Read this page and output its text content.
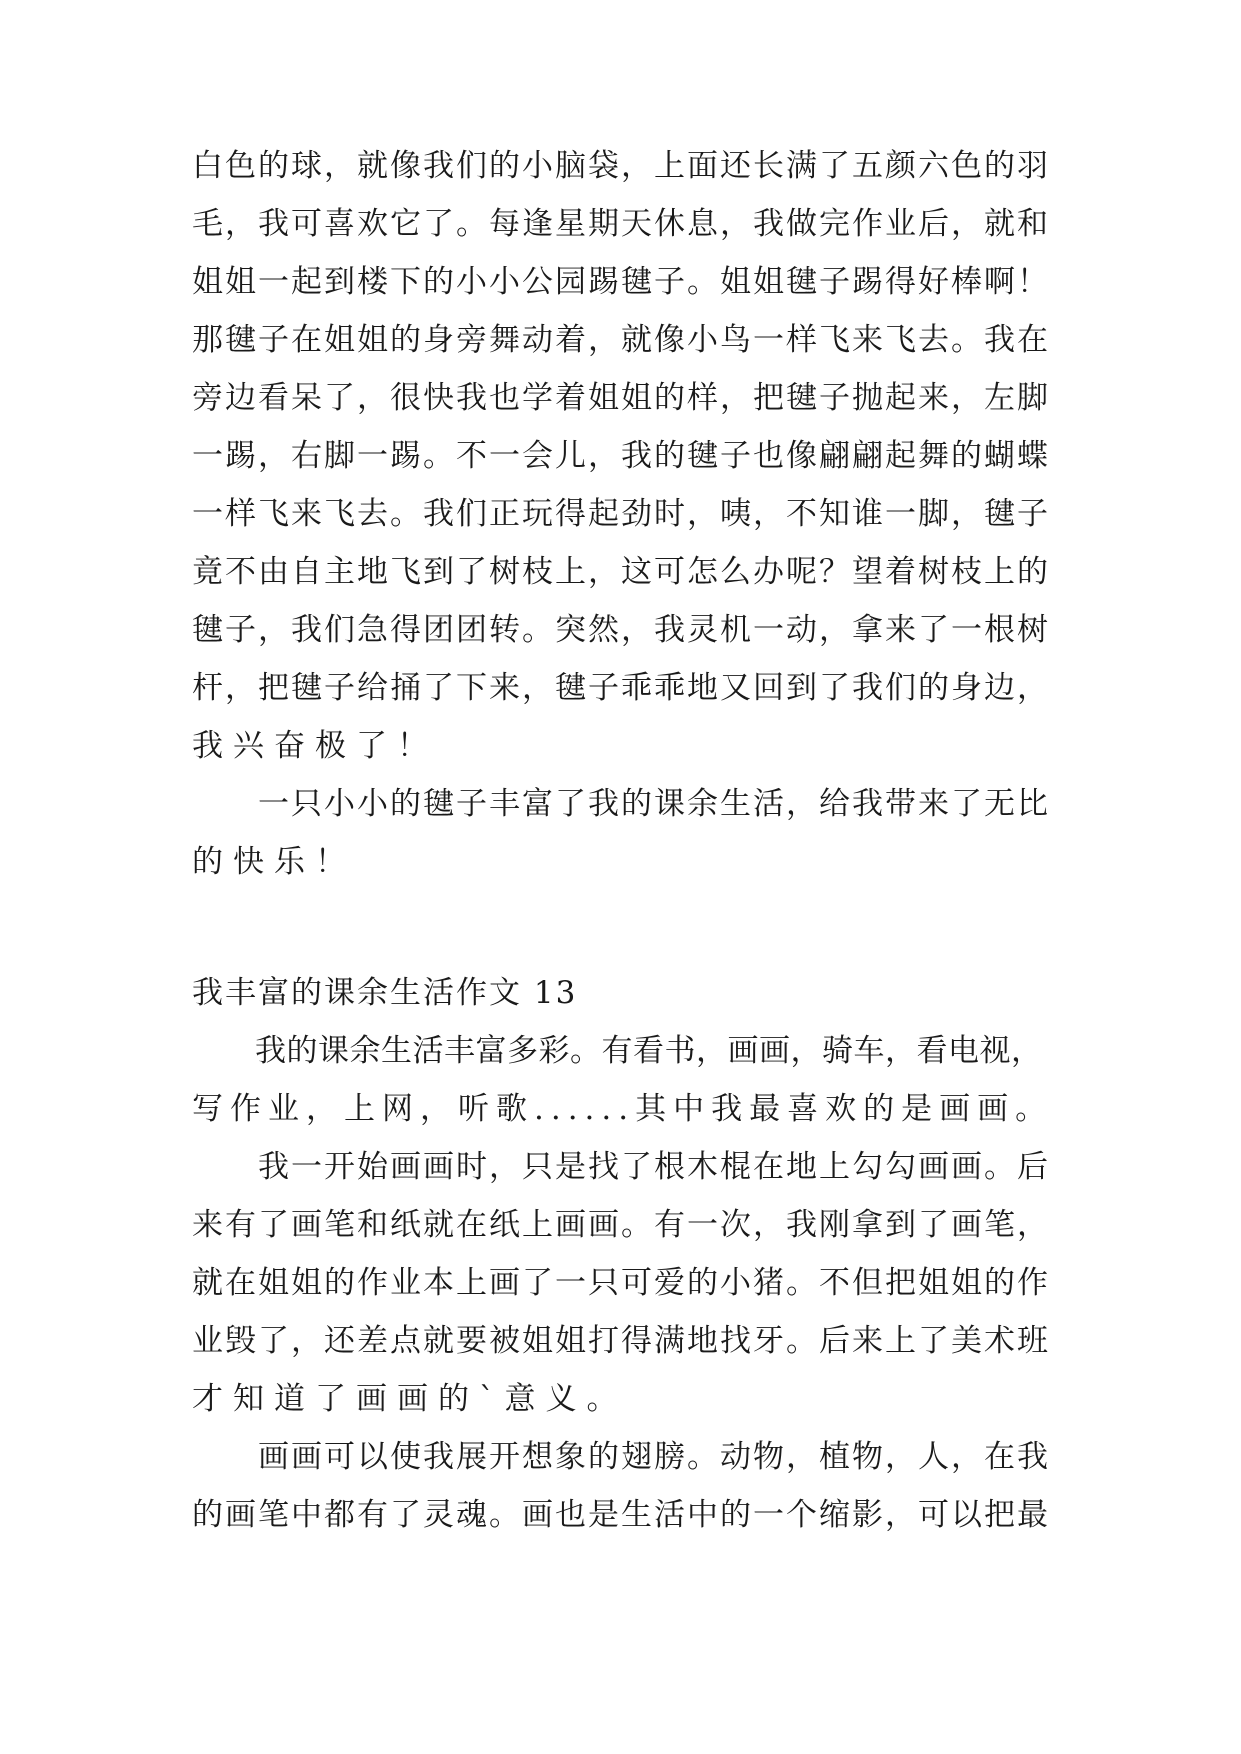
白色的球，就像我们的小脑袋，上面还长满了五颜六色的羽
毛，我可喜欢它了。每逢星期天休息，我做完作业后，就和
姐姐一起到楼下的小小公园踢毽子。姐姐毽子踢得好棒啊！
那毽子在姐姐的身旁舞动着，就像小鸟一样飞来飞去。我在
旁边看呆了，很快我也学着姐姐的样，把毽子抛起来，左脚
一踢，右脚一踢。不一会儿，我的毽子也像翩翩起舞的蝴蝶
一样飞来飞去。我们正玩得起劲时，咦，不知谁一脚，毽子
竟不由自主地飞到了树枝上，这可怎么办呢？望着树枝上的
毽子，我们急得团团转。突然，我灵机一动，拿来了一根树
杆，把毽子给捅了下来，毽子乖乖地又回到了我们的身边，
我兴奋极了！
　　一只小小的毽子丰富了我的课余生活，给我带来了无比
的快乐！
我丰富的课余生活作文 13
　　我的课余生活丰富多彩。有看书，画画，骑车，看电视，
写作业，上网，听歌......其中我最喜欢的是画画。
　　我一开始画画时，只是找了根木棍在地上勾勾画画。后
来有了画笔和纸就在纸上画画。有一次，我刚拿到了画笔，
就在姐姐的作业本上画了一只可爱的小猪。不但把姐姐的作
业毁了，还差点就要被姐姐打得满地找牙。后来上了美术班
才知道了画画的`意义。
　　画画可以使我展开想象的翅膀。动物，植物，人，在我
的画笔中都有了灵魂。画也是生活中的一个缩影，可以把最
